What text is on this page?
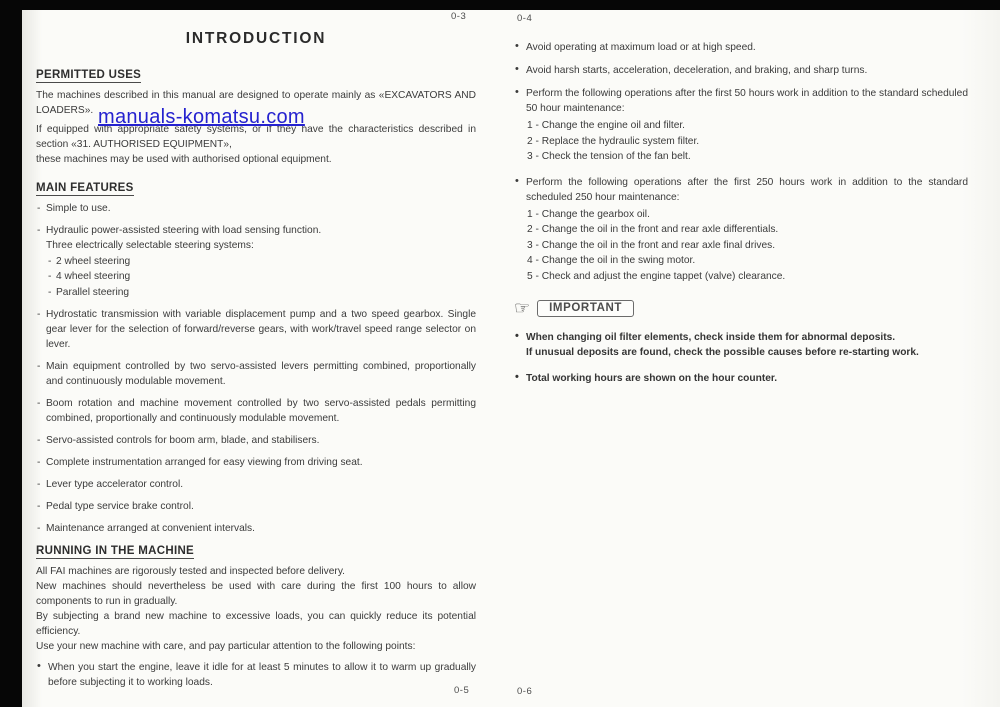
INTRODUCTION
PERMITTED USES
The machines described in this manual are designed to operate mainly as «EXCAVATORS AND LOADERS».
If equipped with appropriate safety systems, or if they have the characteristics described in section «31. AUTHORISED EQUIPMENT»,
these machines may be used with authorised optional equipment.
MAIN FEATURES
- Simple to use.
- Hydraulic power-assisted steering with load sensing function.
Three electrically selectable steering systems:
- 2 wheel steering
- 4 wheel steering
- Parallel steering
- Hydrostatic transmission with variable displacement pump and a two speed gearbox. Single gear lever for the selection of forward/reverse gears, with work/travel speed range selector on lever.
- Main equipment controlled by two servo-assisted levers permitting combined, proportionally and continuously modulable movement.
- Boom rotation and machine movement controlled by two servo-assisted pedals permitting combined, proportionally and continuously modulable movement.
- Servo-assisted controls for boom arm, blade, and stabilisers.
- Complete instrumentation arranged for easy viewing from driving seat.
- Lever type accelerator control.
- Pedal type service brake control.
- Maintenance arranged at convenient intervals.
RUNNING IN THE MACHINE
All FAI machines are rigorously tested and inspected before delivery.
New machines should nevertheless be used with care during the first 100 hours to allow components to run in gradually.
By subjecting a brand new machine to excessive loads, you can quickly reduce its potential efficiency.
Use your new machine with care, and pay particular attention to the following points:
• When you start the engine, leave it idle for at least 5 minutes to allow it to warm up gradually before subjecting it to working loads.
• Avoid operating at maximum load or at high speed.
• Avoid harsh starts, acceleration, deceleration, and braking, and sharp turns.
• Perform the following operations after the first 50 hours work in addition to the standard scheduled 50 hour maintenance:
1 - Change the engine oil and filter.
2 - Replace the hydraulic system filter.
3 - Check the tension of the fan belt.
• Perform the following operations after the first 250 hours work in addition to the standard scheduled 250 hour maintenance:
1 - Change the gearbox oil.
2 - Change the oil in the front and rear axle differentials.
3 - Change the oil in the front and rear axle final drives.
4 - Change the oil in the swing motor.
5 - Check and adjust the engine tappet (valve) clearance.
☞	IMPORTANT
• When changing oil filter elements, check inside them for abnormal deposits.
If unusual deposits are found, check the possible causes before re-starting work.
• Total working hours are shown on the hour counter.
0-3	0-4
0-5	0-6
manuals-komatsu.com
